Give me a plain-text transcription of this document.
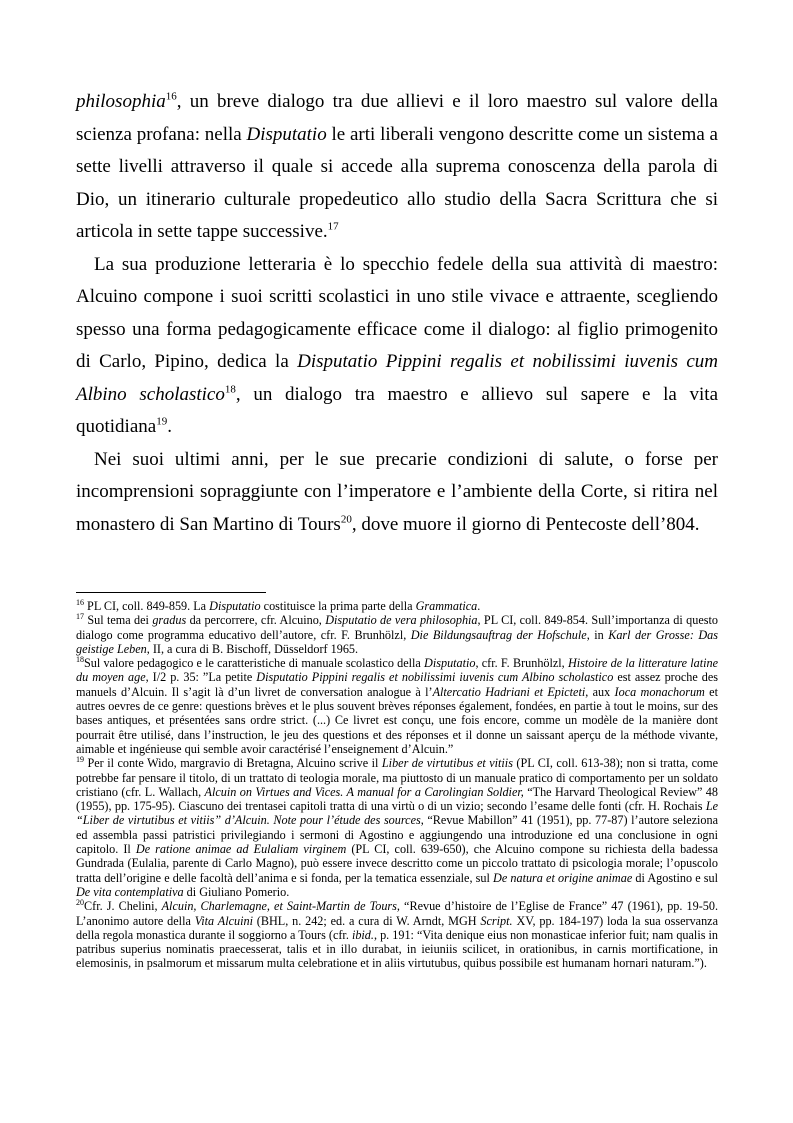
philosophia$^{16}$, un breve dialogo tra due allievi e il loro maestro sul valore della scienza profana: nella Disputatio le arti liberali vengono descritte come un sistema a sette livelli attraverso il quale si accede alla suprema conoscenza della parola di Dio, un itinerario culturale propedeutico allo studio della Sacra Scrittura che si articola in sette tappe successive.$^{17}$

La sua produzione letteraria è lo specchio fedele della sua attività di maestro: Alcuino compone i suoi scritti scolastici in uno stile vivace e attraente, scegliendo spesso una forma pedagogicamente efficace come il dialogo: al figlio primogenito di Carlo, Pipino, dedica la Disputatio Pippini regalis et nobilissimi iuvenis cum Albino scholastico$^{18}$, un dialogo tra maestro e allievo sul sapere e la vita quotidiana$^{19}$.

Nei suoi ultimi anni, per le sue precarie condizioni di salute, o forse per incomprensioni sopraggiunte con l’imperatore e l’ambiente della Corte, si ritira nel monastero di San Martino di Tours$^{20}$, dove muore il giorno di Pentecoste dell’804.

$^{16}$ PL CI, coll. 849-859. La Disputatio costituisce la prima parte della Grammatica.

$^{17}$ Sul tema dei gradus da percorrere, cfr. Alcuino, Disputatio de vera philosophia, PL CI, coll. 849-854. Sull’importanza di questo dialogo come programma educativo dell’autore, cfr. F. Brunhölzl, Die Bildungsauftrag der Hofschule, in Karl der Grosse: Das geistige Leben, II, a cura di B. Bischoff, Düsseldorf 1965.

$^{18}$Sul valore pedagogico e le caratteristiche di manuale scolastico della Disputatio, cfr. F. Brunhölzl, Histoire de la litterature latine du moyen age, I/2 p. 35: ”La petite Disputatio Pippini regalis et nobilissimi iuvenis cum Albino scholastico est assez proche des manuels d’Alcuin. Il s’agit là d’un livret de conversation analogue à l’Altercatio Hadriani et Epicteti, aux Ioca monachorum et autres oevres de ce genre: questions brèves et le plus souvent brèves réponses également, fondées, en partie à tout le moins, sur des bases antiques, et présentées sans ordre strict. (...) Ce livret est conçu, une fois encore, comme un modèle de la manière dont pourrait être utilisé, dans l’instruction, le jeu des questions et des réponses et il donne un saissant aperçu de la méthode vivante, aimable et ingénieuse qui semble avoir caractérisé l’enseignement d’Alcuin.”

$^{19}$ Per il conte Wido, margravio di Bretagna, Alcuino scrive il Liber de virtutibus et vitiis (PL CI, coll. 613-38); non si tratta, come potrebbe far pensare il titolo, di un trattato di teologia morale, ma piuttosto di un manuale pratico di comportamento per un soldato cristiano (cfr. L. Wallach, Alcuin on Virtues and Vices. A manual for a Carolingian Soldier, “The Harvard Theological Review” 48 (1955), pp. 175-95). Ciascuno dei trentasei capitoli tratta di una virtù o di un vizio; secondo l’esame delle fonti (cfr. H. Rochais Le “Liber de virtutibus et vitiis” d’Alcuin. Note pour l’étude des sources, “Revue Mabillon” 41 (1951), pp. 77-87) l’autore seleziona ed assembla passi patristici privilegiando i sermoni di Agostino e aggiungendo una introduzione ed una conclusione in ogni capitolo. Il De ratione animae ad Eulaliam virginem (PL CI, coll. 639-650), che Alcuino compone su richiesta della badessa Gundrada (Eulalia, parente di Carlo Magno), può essere invece descritto come un piccolo trattato di psicologia morale; l’opuscolo tratta dell’origine e delle facoltà dell’anima e si fonda, per la tematica essenziale, sul De natura et origine animae di Agostino e sul De vita contemplativa di Giuliano Pomerio.

$^{20}$Cfr. J. Chelini, Alcuin, Charlemagne, et Saint-Martin de Tours, “Revue d’histoire de l’Eglise de France” 47 (1961), pp. 19-50. L’anonimo autore della Vita Alcuini (BHL, n. 242; ed. a cura di W. Arndt, MGH Script. XV, pp. 184-197) loda la sua osservanza della regola monastica durante il soggiorno a Tours (cfr. ibid., p. 191: “Vita denique eius non monasticae inferior fuit; nam qualis in patribus superius nominatis praecesserat, talis et in illo durabat, in ieiuniis scilicet, in orationibus, in carnis mortificatione, in elemosinis, in psalmorum et missarum multa celebratione et in aliis virtutubus, quibus possibile est humanam hornari naturam.”).
